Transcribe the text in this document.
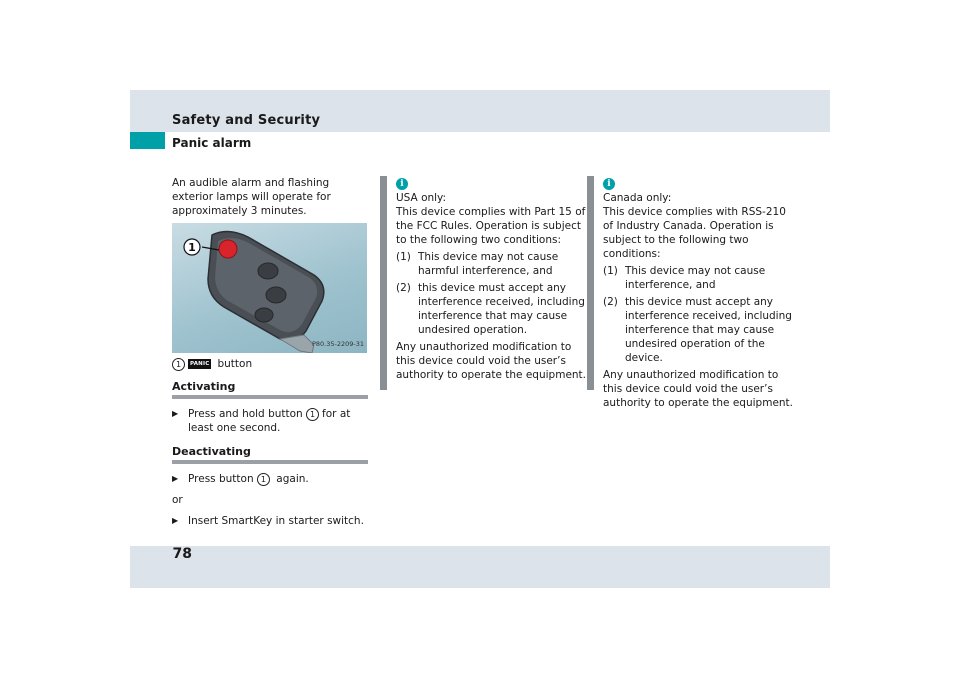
Safety and Security
Panic alarm

An audible alarm and flashing exterior lamps will operate for approximately 3 minutes.

1
P80.35-2209-31
1	PANIC button
Activating
▶ Press and hold button 1 for at least one second.
Deactivating
▶ Press button 1 again.
or
▶ Insert SmartKey in starter switch.
i

USA only:

This device complies with Part 15 of the FCC Rules. Operation is subject to the following two conditions:

(1) This device may not cause harmful interference, and
(2) this device must accept any interference received, including interference that may cause undesired operation.

Any unauthorized modification to this device could void the user’s authority to operate the equipment.

i

Canada only:

This device complies with RSS-210 of Industry Canada. Operation is subject to the following two conditions:

(1) This device may not cause interference, and
(2) this device must accept any interference received, including interference that may cause undesired operation of the device.

Any unauthorized modification to this device could void the user’s authority to operate the equipment.

78
